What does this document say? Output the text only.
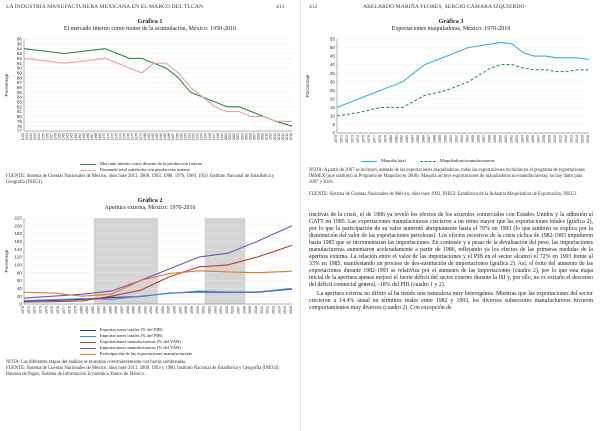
LA INDUSTRIA MANUFACTURERA MEXICANA EN EL MARCO DEL TLCAN	411
Gráfica 1
El mercado interno como motor de la acumulación, México: 1950-2016
77
78
79
80
81
82
83
84
85
86
87
88
89
90
91
92
93
94
95
96
1950 1951 1952 1953 1954 1955 1956 1957 1958 1959 1960 1961 1962 1963 1964 1965 1966 1967 1968 1969 1970 1971 1972 1973 1974 1975 1976 1977 1978 1979 1980 1981 1982 1983 1984 1985 1986 1987 1988 1989 1990 1991 1992 1993 1994 1995 1996 1997 1998 1999 2000 2001 2002 2003 2004 2005 2006 2007 2008 2009 2010 2011 2012 2013 2014 2015 2016
Porcentaje
Mercado interno como destino de la producción interna
Demanda total satisfecha con producción interna
FUENTE: Sistema de Cuentas Nacionales de México, años base 2013, 2008, 1993, 1980, 1970, 1960, 1950, Instituto Nacional de Estadística y Geografía (INEGI).
Gráfica 2
Apertura externa, México: 1970-2016
0
20
40
60
80
100
120
140
160
180
200
220
1970 1971 1972 1973 1974 1975 1976 1977 1978 1979 1980 1981 1982 1983 1984 1985 1986 1987 1988 1989 1990 1991 1992 1993 1994 1995 1996 1997 1998 1999 2000 2001 2002 2003 2004 2005 2006 2007 2008 2009 2010 2011 2012 2013 2014 2015 2016
Porcentaje
Exportaciones totales (% del PIB)
Importaciones totales (% del PIB)
Exportaciones manufactureras (% del VAB)
Importaciones manufactureras (% del VAB)
Participación de las exportaciones manufactureras
NOTA: Las diferentes etapas del análisis se muestran convenientemente con barras sombreadas.
FUENTE: Sistema de Cuentas Nacionales de México, años base 2013, 2008, 1993 y 1980, Instituto Nacional de Estadística y Geografía (INEGI); Balanza de Pagos, Sistema de Información Económica, Banco de México.
412	ABELARDO MARIÑA FLORES, SERGIO CÁMARA IZQUIERDO
Gráfica 3
Exportaciones maquiladoras, México: 1970-2016
0
5
10
15
20
25
30
35
40
45
50
55
1970 1971 1972 1973 1974 1975 1976 1977 1978 1979 1980 1981 1982 1983 1984 1985 1986 1987 1988 1989 1990 1991 1992 1993 1994 1995 1996 1997 1998 1999 2000 2001 2002 2003 2004 2005 2006 2007 2008 2009 2010 2011 2012 2013 2014 2015 2016
Porcentaje
Maquila/total	Maquiladoras/manufactureras
NOTA: A partir de 2007 se incluyen, además de las exportaciones maquiladoras, todas las exportaciones incluidas en el programa de exportaciones IMMEX (que sustituyó al Programa de Maquilas en 2006). Maquila incluye exportaciones de maquiladoras no-manufactureras; no hay datos para 2007 y 2016.
FUENTE: Sistema de Cuentas Nacionales de México, años base 1993, INEGI; Estadística de la Industria Maquiladora de Exportación, INEGI.

tractivas de la crisis, el de 1986 ya reveló los efectos de los acuerdos comerciales con Estados Unidos y la adhesión al GATT en 1985. Las exportaciones manufactureras crecieron a un ritmo mayor que las exportaciones totales (gráfica 2), por lo que la participación de su valor aumentó abruptamente hasta el 70% en 1993 (lo que también se explica por la disminución del valor de las exportaciones petroleras). Los efectos recesivos de la crisis cíclica de 1982-1983 impidieron hasta 1985 que se incrementaran las importaciones. En contraste y a pesar de la devaluación del peso, las importaciones manufactureras aumentaron aceleradamente a partir de 1986, reflejando ya los efectos de las primeras medidas de la apertura externa. La relación entre el valor de las importaciones y el PIB en el sector alcanzó el 72% en 1993 frente al 33% en 1985, manifestando un proceso de des-sustitución de importaciones (gráfica 2). Así, el éxito del aumento de las exportaciones durante 1982-1993 se relativiza por el aumento de las importaciones (cuadro 2), por lo que esta etapa inicial de la apertura apenas mejoró el fuerte déficit del sector externo durante la ISI y, por ello, no es extraño el descenso del déficit comercial general, -18% del PIB (cuadro 1 y 2).

La apertura externa no difirió al ha tenido una naturaleza muy heterogénea. Mientras que las exportaciones del sector crecieron a 14.4% anual en términos reales entre 1982 y 1993, los diversos subsectores manufactureros tuvieron comportamientos muy diversos (cuadro 2). Con excepción de
